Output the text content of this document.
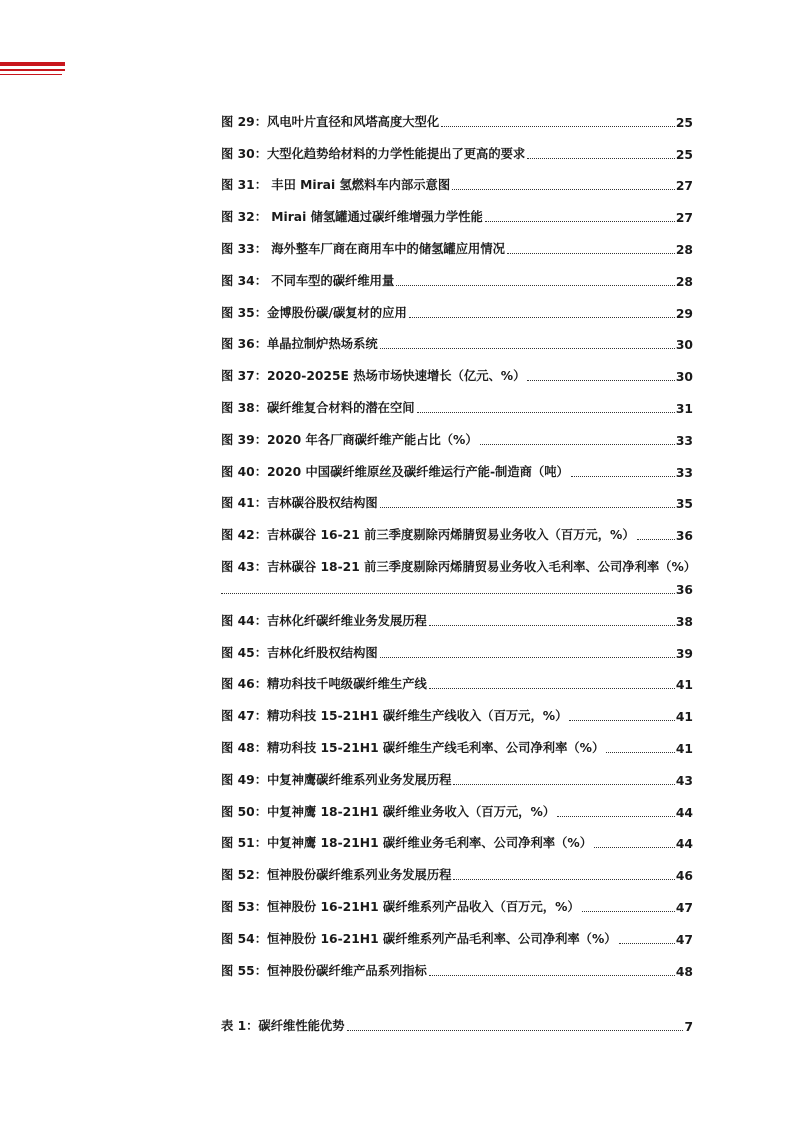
图 29：风电叶片直径和风塔高度大型化	25
图 30：大型化趋势给材料的力学性能提出了更高的要求	25
图 31： 丰田 Mirai 氢燃料车内部示意图	27
图 32： Mirai 储氢罐通过碳纤维增强力学性能	27
图 33： 海外整车厂商在商用车中的储氢罐应用情况	28
图 34： 不同车型的碳纤维用量	28
图 35：金博股份碳/碳复材的应用	29
图 36：单晶拉制炉热场系统	30
图 37：2020-2025E 热场市场快速增长（亿元、%）	30
图 38：碳纤维复合材料的潜在空间	31
图 39：2020 年各厂商碳纤维产能占比（%）	33
图 40：2020 中国碳纤维原丝及碳纤维运行产能-制造商（吨）	33
图 41：吉林碳谷股权结构图	35
图 42：吉林碳谷 16-21 前三季度剔除丙烯腈贸易业务收入（百万元，%）	36
图 43：吉林碳谷 18-21 前三季度剔除丙烯腈贸易业务收入毛利率、公司净利率（%）
36
图 44：吉林化纤碳纤维业务发展历程	38
图 45：吉林化纤股权结构图	39
图 46：精功科技千吨级碳纤维生产线	41
图 47：精功科技 15-21H1 碳纤维生产线收入（百万元，%）	41
图 48：精功科技 15-21H1 碳纤维生产线毛利率、公司净利率（%）	41
图 49：中复神鹰碳纤维系列业务发展历程	43
图 50：中复神鹰 18-21H1 碳纤维业务收入（百万元，%）	44
图 51：中复神鹰 18-21H1 碳纤维业务毛利率、公司净利率（%）	44
图 52：恒神股份碳纤维系列业务发展历程	46
图 53：恒神股份 16-21H1 碳纤维系列产品收入（百万元，%）	47
图 54：恒神股份 16-21H1 碳纤维系列产品毛利率、公司净利率（%）	47
图 55：恒神股份碳纤维产品系列指标	48
表 1：碳纤维性能优势	7
